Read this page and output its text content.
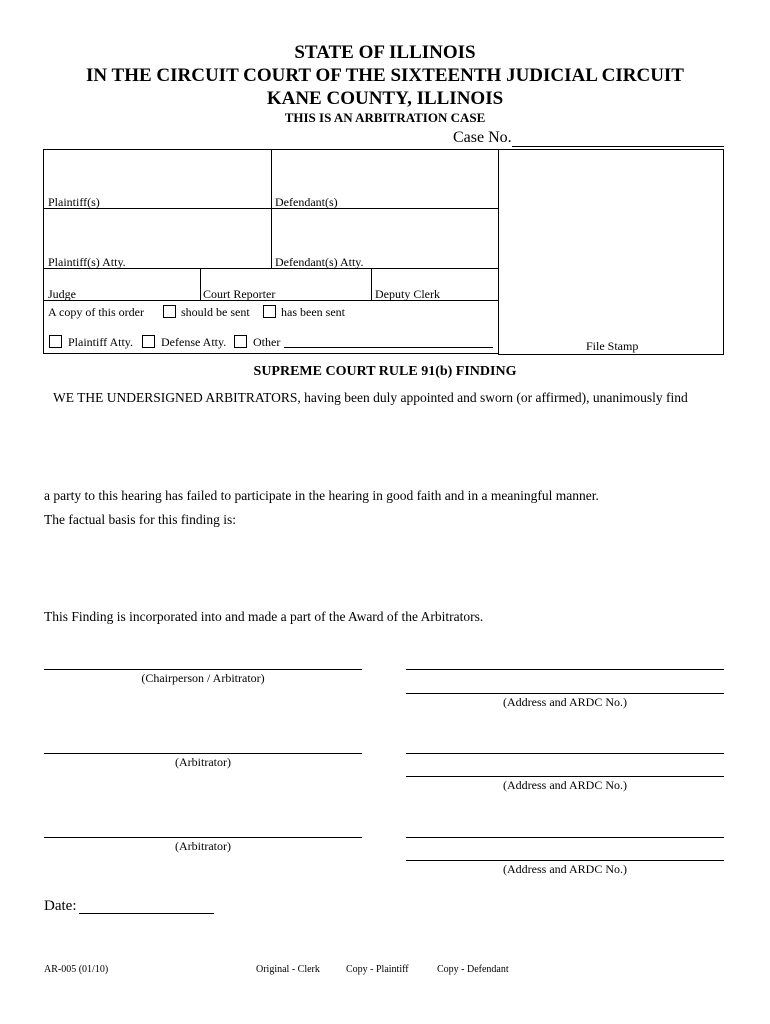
STATE OF ILLINOIS
IN THE CIRCUIT COURT OF THE SIXTEENTH JUDICIAL CIRCUIT
KANE COUNTY, ILLINOIS
THIS IS AN ARBITRATION CASE
Case No.
Plaintiff(s)	Defendant(s)
Plaintiff(s) Atty.	Defendant(s) Atty.
Judge	Court Reporter	Deputy Clerk
A copy of this order	should be sent	has been sent
Plaintiff Atty. Defense Atty. Other	File Stamp
SUPREME COURT RULE 91(b) FINDING
WE THE UNDERSIGNED ARBITRATORS, having been duly appointed and sworn (or affirmed), unanimously find
a party to this hearing has failed to participate in the hearing in good faith and in a meaningful manner.
The factual basis for this finding is:
This Finding is incorporated into and made a part of the Award of the Arbitrators.
(Chairperson / Arbitrator)
(Address and ARDC No.)
(Arbitrator)
(Address and ARDC No.)
(Arbitrator)
(Address and ARDC No.)
Date:
AR-005 (01/10)	Original - Clerk	Copy - Plaintiff	Copy - Defendant
